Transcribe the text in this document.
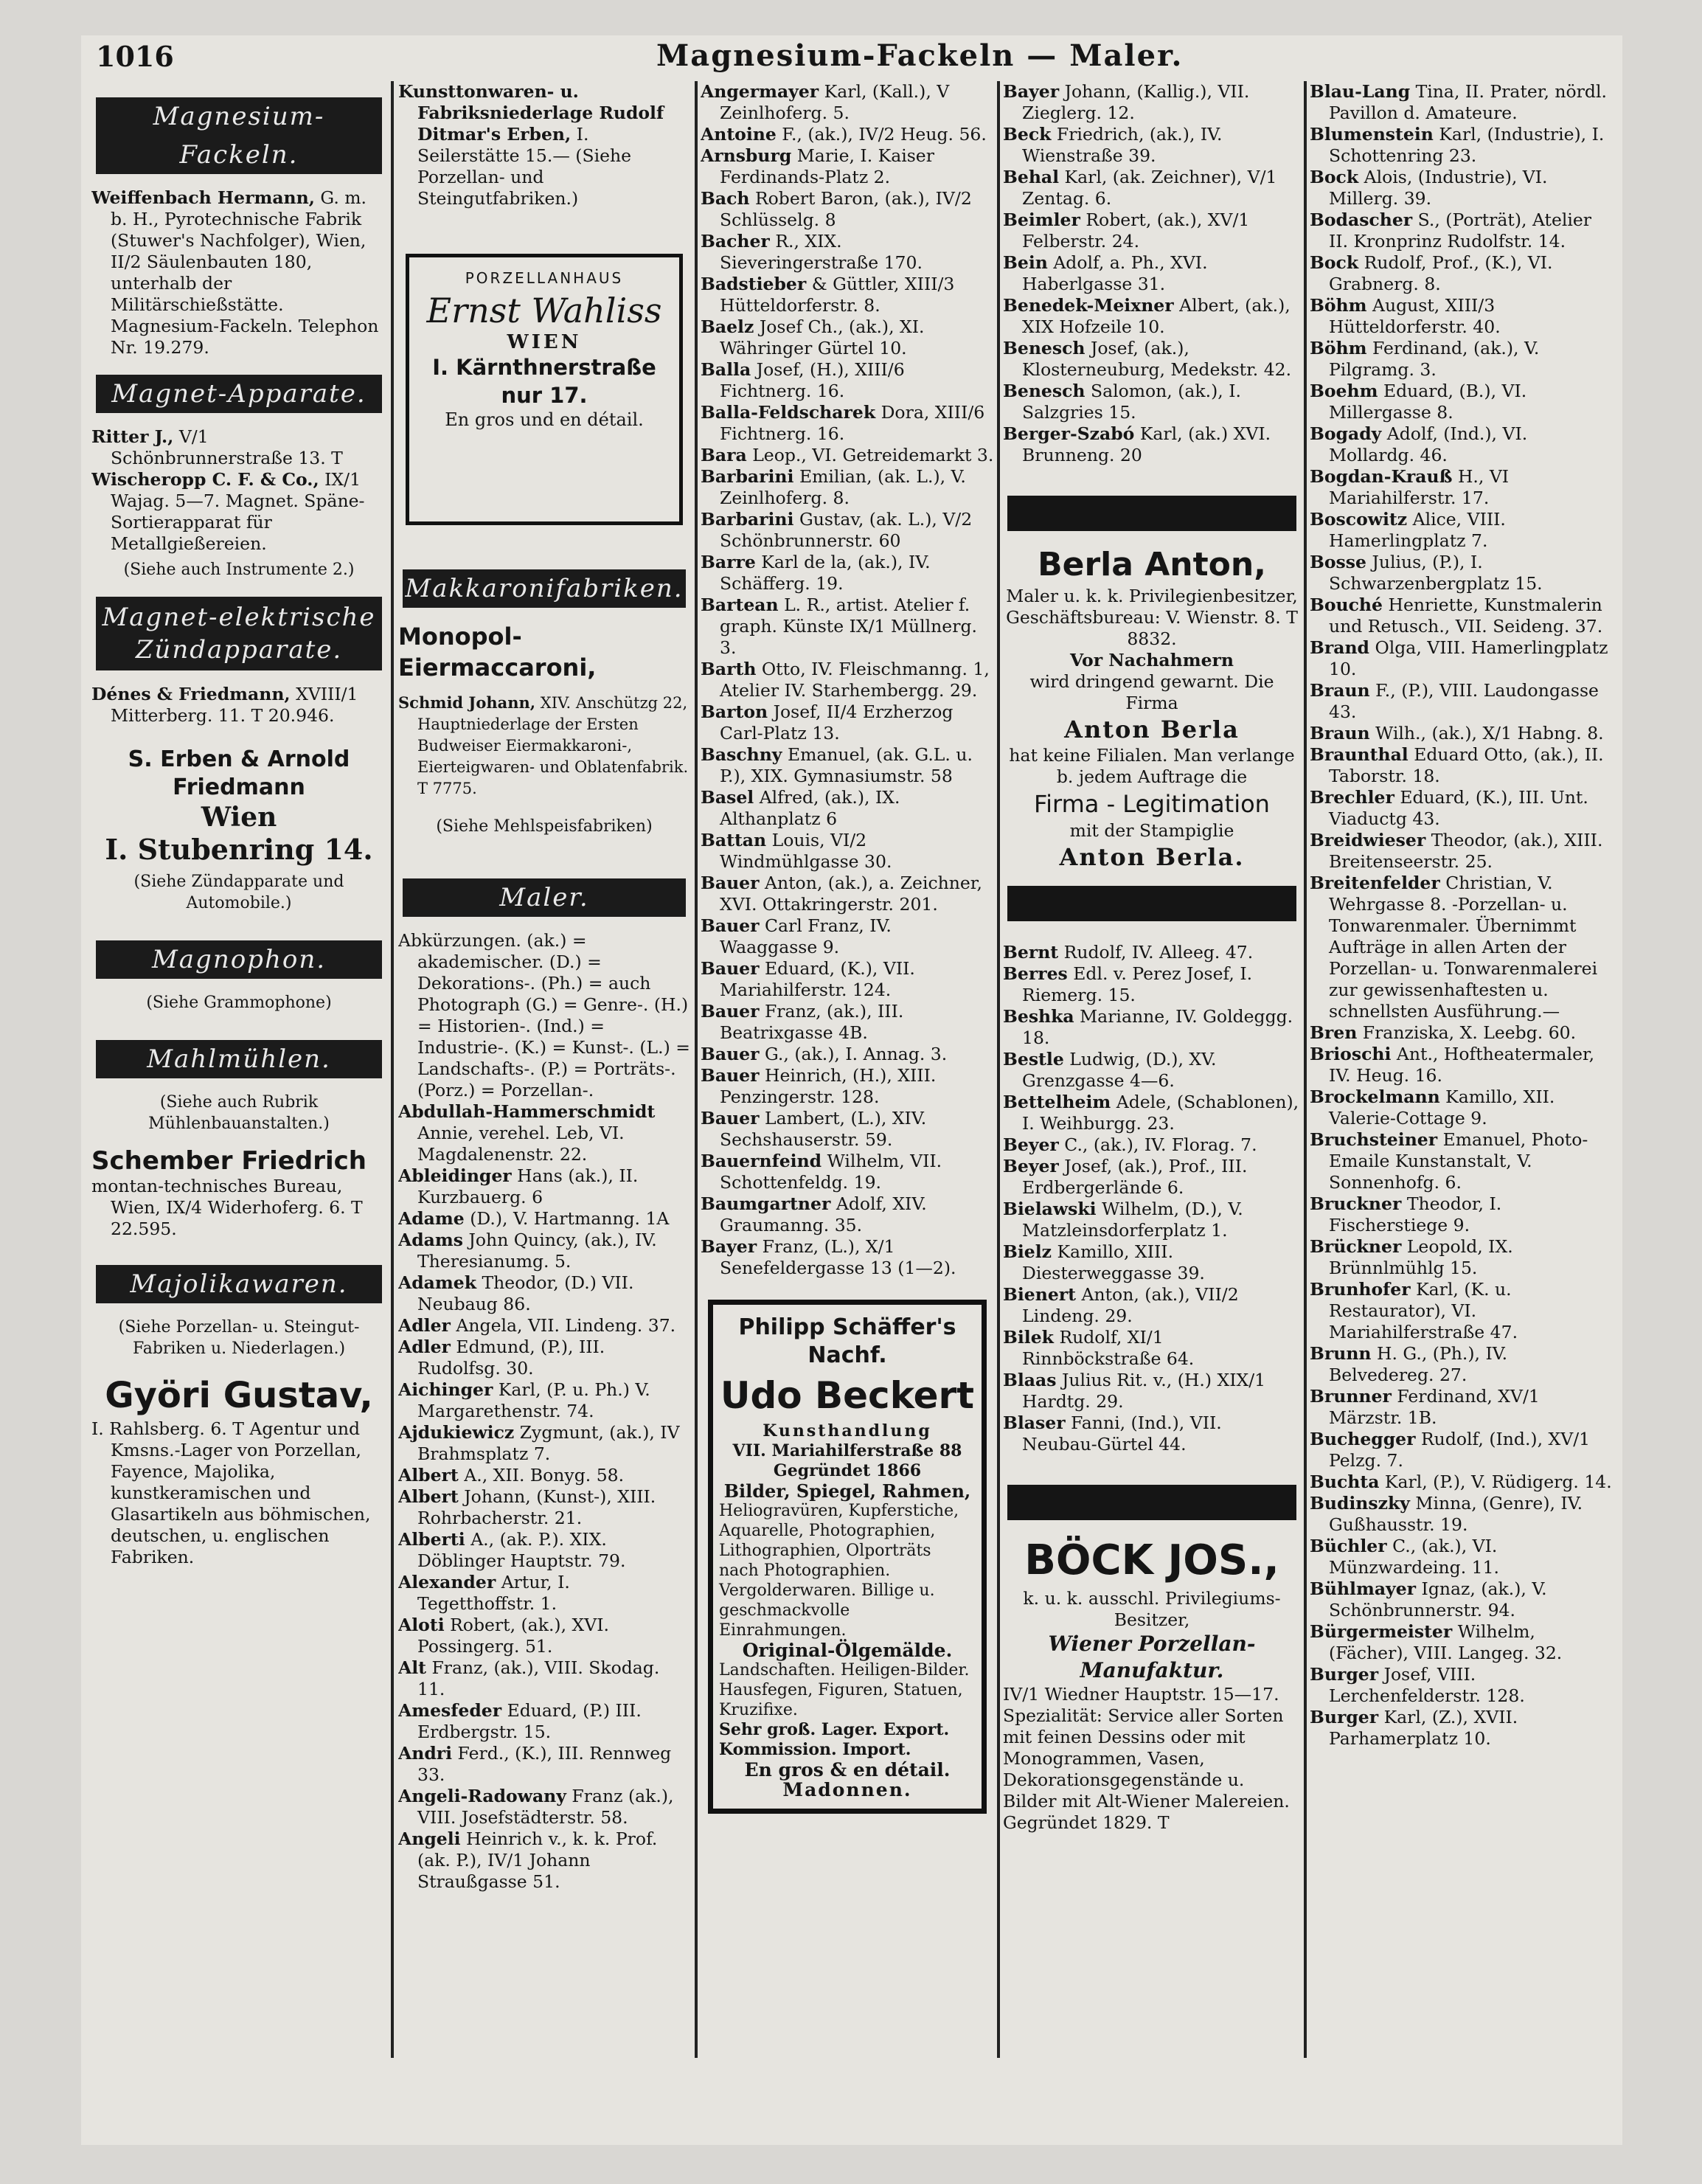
1016	Magnesium-Fackeln — Maler.
Magnesium-Fackeln.

Weiffenbach Hermann, G. m. b. H., Pyrotechnische Fabrik (Stuwer's Nachfolger), Wien, II/2 Säulenbauten 180, unterhalb der Militärschießstätte. Magnesium-Fackeln. Telephon Nr. 19.279.

Magnet-Apparate.

Ritter J., V/1 Schönbrunnerstraße 13. T

Wischeropp C. F. & Co., IX/1 Wajag. 5—7. Magnet. Späne-Sortierapparat für Metallgießereien.

(Siehe auch Instrumente 2.)
Magnet-elektrische Zündapparate.

Dénes & Friedmann, XVIII/1 Mitterberg. 11. T 20.946.

S. Erben & Arnold Friedmann
Wien
I. Stubenring 14.
(Siehe Zündapparate und Automobile.)
Magnophon.
(Siehe Grammophone)
Mahlmühlen.
(Siehe auch Rubrik Mühlenbauanstalten.)
Schember Friedrich

montan-technisches Bureau, Wien, IX/4 Widerhoferg. 6. T 22.595.

Majolikawaren.
(Siehe Porzellan- u. Steingut-Fabriken u. Niederlagen.)
Györi Gustav,

I. Rahlsberg. 6. T Agentur und Kmsns.-Lager von Porzellan, Fayence, Majolika, kunstkeramischen und Glasartikeln aus böhmischen, deutschen, u. englischen Fabriken.

Kunsttonwaren- u. Fabriksniederlage Rudolf Ditmar's Erben, I. Seilerstätte 15.— (Siehe Porzellan- und Steingutfabriken.)

PORZELLANHAUS
Ernst Wahliss
WIEN
I. Kärnthnerstraße
nur 17.
En gros und en détail.
Makkaronifabriken.
Monopol-Eiermaccaroni,

Schmid Johann, XIV. Anschützg 22, Hauptniederlage der Ersten Budweiser Eiermakkaroni-, Eierteigwaren- und Oblatenfabrik. T 7775.

(Siehe Mehlspeisfabriken)
Maler.

Abkürzungen. (ak.) = akademischer. (D.) = Dekorations-. (Ph.) = auch Photograph (G.) = Genre-. (H.) = Historien-. (Ind.) = Industrie-. (K.) = Kunst-. (L.) = Landschafts-. (P.) = Porträts-. (Porz.) = Porzellan-.

Abdullah-Hammerschmidt Annie, verehel. Leb, VI. Magdalenenstr. 22.

Ableidinger Hans (ak.), II. Kurzbauerg. 6

Adame (D.), V. Hartmanng. 1A

Adams John Quincy, (ak.), IV. Theresianumg. 5.

Adamek Theodor, (D.) VII. Neubaug 86.

Adler Angela, VII. Lindeng. 37.

Adler Edmund, (P.), III. Rudolfsg. 30.

Aichinger Karl, (P. u. Ph.) V. Margarethenstr. 74.

Ajdukiewicz Zygmunt, (ak.), IV Brahmsplatz 7.

Albert A., XII. Bonyg. 58.

Albert Johann, (Kunst-), XIII. Rohrbacherstr. 21.

Alberti A., (ak. P.). XIX. Döblinger Hauptstr. 79.

Alexander Artur, I. Tegetthoffstr. 1.

Aloti Robert, (ak.), XVI. Possingerg. 51.

Alt Franz, (ak.), VIII. Skodag. 11.

Amesfeder Eduard, (P.) III. Erdbergstr. 15.

Andri Ferd., (K.), III. Rennweg 33.

Angeli-Radowany Franz (ak.), VIII. Josefstädterstr. 58.

Angeli Heinrich v., k. k. Prof. (ak. P.), IV/1 Johann Straußgasse 51.

Angermayer Karl, (Kall.), V Zeinlhoferg. 5.

Antoine F., (ak.), IV/2 Heug. 56.

Arnsburg Marie, I. Kaiser Ferdinands-Platz 2.

Bach Robert Baron, (ak.), IV/2 Schlüsselg. 8

Bacher R., XIX. Sieveringerstraße 170.

Badstieber & Güttler, XIII/3 Hütteldorferstr. 8.

Baelz Josef Ch., (ak.), XI. Währinger Gürtel 10.

Balla Josef, (H.), XIII/6 Fichtnerg. 16.

Balla-Feldscharek Dora, XIII/6 Fichtnerg. 16.

Bara Leop., VI. Getreidemarkt 3.

Barbarini Emilian, (ak. L.), V. Zeinlhoferg. 8.

Barbarini Gustav, (ak. L.), V/2 Schönbrunnerstr. 60

Barre Karl de la, (ak.), IV. Schäfferg. 19.

Bartean L. R., artist. Atelier f. graph. Künste IX/1 Müllnerg. 3.

Barth Otto, IV. Fleischmanng. 1, Atelier IV. Starhembergg. 29.

Barton Josef, II/4 Erzherzog Carl-Platz 13.

Baschny Emanuel, (ak. G.L. u. P.), XIX. Gymnasiumstr. 58

Basel Alfred, (ak.), IX. Althanplatz 6

Battan Louis, VI/2 Windmühlgasse 30.

Bauer Anton, (ak.), a. Zeichner, XVI. Ottakringerstr. 201.

Bauer Carl Franz, IV. Waaggasse 9.

Bauer Eduard, (K.), VII. Mariahilferstr. 124.

Bauer Franz, (ak.), III. Beatrixgasse 4B.

Bauer G., (ak.), I. Annag. 3.

Bauer Heinrich, (H.), XIII. Penzingerstr. 128.

Bauer Lambert, (L.), XIV. Sechshauserstr. 59.

Bauernfeind Wilhelm, VII. Schottenfeldg. 19.

Baumgartner Adolf, XIV. Graumanng. 35.

Bayer Franz, (L.), X/1 Senefeldergasse 13 (1—2).

Philipp Schäffer's
Nachf.
Udo Beckert
Kunsthandlung
VII. Mariahilferstraße 88
Gegründet 1866
Bilder, Spiegel, Rahmen,
Heliogravüren, Kupferstiche, Aquarelle, Photographien, Lithographien, Olporträts nach Photographien. Vergolderwaren. Billige u. geschmackvolle Einrahmungen.
Original-Ölgemälde.
Landschaften. Heiligen-Bilder. Hausfegen, Figuren, Statuen, Kruzifixe.
Sehr groß. Lager. Export. Kommission. Import.
En gros & en détail.
Madonnen.

Bayer Johann, (Kallig.), VII. Zieglerg. 12.

Beck Friedrich, (ak.), IV. Wienstraße 39.

Behal Karl, (ak. Zeichner), V/1 Zentag. 6.

Beimler Robert, (ak.), XV/1 Felberstr. 24.

Bein Adolf, a. Ph., XVI. Haberlgasse 31.

Benedek-Meixner Albert, (ak.), XIX Hofzeile 10.

Benesch Josef, (ak.), Klosterneuburg, Medekstr. 42.

Benesch Salomon, (ak.), I. Salzgries 15.

Berger-Szabó Karl, (ak.) XVI. Brunneng. 20

Berla Anton,
Maler u. k. k. Privilegienbesitzer, Geschäftsbureau: V. Wienstr. 8. T 8832.
Vor Nachahmern
wird dringend gewarnt. Die Firma
Anton Berla
hat keine Filialen. Man verlange b. jedem Auftrage die
Firma - Legitimation
mit der Stampiglie
Anton Berla.

Bernt Rudolf, IV. Alleeg. 47.

Berres Edl. v. Perez Josef, I. Riemerg. 15.

Beshka Marianne, IV. Goldeggg. 18.

Bestle Ludwig, (D.), XV. Grenzgasse 4—6.

Bettelheim Adele, (Schablonen), I. Weihburgg. 23.

Beyer C., (ak.), IV. Florag. 7.

Beyer Josef, (ak.), Prof., III. Erdbergerlände 6.

Bielawski Wilhelm, (D.), V. Matzleinsdorferplatz 1.

Bielz Kamillo, XIII. Diesterweggasse 39.

Bienert Anton, (ak.), VII/2 Lindeng. 29.

Bilek Rudolf, XI/1 Rinnböckstraße 64.

Blaas Julius Rit. v., (H.) XIX/1 Hardtg. 29.

Blaser Fanni, (Ind.), VII. Neubau-Gürtel 44.

BÖCK JOS.,
k. u. k. ausschl. Privilegiums-Besitzer,
Wiener Porzellan-Manufaktur.

IV/1 Wiedner Hauptstr. 15—17. Spezialität: Service aller Sorten mit feinen Dessins oder mit Monogrammen, Vasen, Dekorationsgegenstände u. Bilder mit Alt-Wiener Malereien. Gegründet 1829. T

Blau-Lang Tina, II. Prater, nördl. Pavillon d. Amateure.

Blumenstein Karl, (Industrie), I. Schottenring 23.

Bock Alois, (Industrie), VI. Millerg. 39.

Bodascher S., (Porträt), Atelier II. Kronprinz Rudolfstr. 14.

Bock Rudolf, Prof., (K.), VI. Grabnerg. 8.

Böhm August, XIII/3 Hütteldorferstr. 40.

Böhm Ferdinand, (ak.), V. Pilgramg. 3.

Boehm Eduard, (B.), VI. Millergasse 8.

Bogady Adolf, (Ind.), VI. Mollardg. 46.

Bogdan-Krauß H., VI Mariahilferstr. 17.

Boscowitz Alice, VIII. Hamerlingplatz 7.

Bosse Julius, (P.), I. Schwarzenbergplatz 15.

Bouché Henriette, Kunstmalerin und Retusch., VII. Seideng. 37.

Brand Olga, VIII. Hamerlingplatz 10.

Braun F., (P.), VIII. Laudongasse 43.

Braun Wilh., (ak.), X/1 Habng. 8.

Braunthal Eduard Otto, (ak.), II. Taborstr. 18.

Brechler Eduard, (K.), III. Unt. Viaductg 43.

Breidwieser Theodor, (ak.), XIII. Breitenseerstr. 25.

Breitenfelder Christian, V. Wehrgasse 8. -Porzellan- u. Tonwarenmaler. Übernimmt Aufträge in allen Arten der Porzellan- u. Tonwarenmalerei zur gewissenhaftesten u. schnellsten Ausführung.—

Bren Franziska, X. Leebg. 60.

Brioschi Ant., Hoftheatermaler, IV. Heug. 16.

Brockelmann Kamillo, XII. Valerie-Cottage 9.

Bruchsteiner Emanuel, Photo-Emaile Kunstanstalt, V. Sonnenhofg. 6.

Bruckner Theodor, I. Fischerstiege 9.

Brückner Leopold, IX. Brünnlmühlg 15.

Brunhofer Karl, (K. u. Restaurator), VI. Mariahilferstraße 47.

Brunn H. G., (Ph.), IV. Belvedereg. 27.

Brunner Ferdinand, XV/1 Märzstr. 1B.

Buchegger Rudolf, (Ind.), XV/1 Pelzg. 7.

Buchta Karl, (P.), V. Rüdigerg. 14.

Budinszky Minna, (Genre), IV. Gußhausstr. 19.

Büchler C., (ak.), VI. Münzwardeing. 11.

Bühlmayer Ignaz, (ak.), V. Schönbrunnerstr. 94.

Bürgermeister Wilhelm, (Fächer), VIII. Langeg. 32.

Burger Josef, VIII. Lerchenfelderstr. 128.

Burger Karl, (Z.), XVII. Parhamerplatz 10.
